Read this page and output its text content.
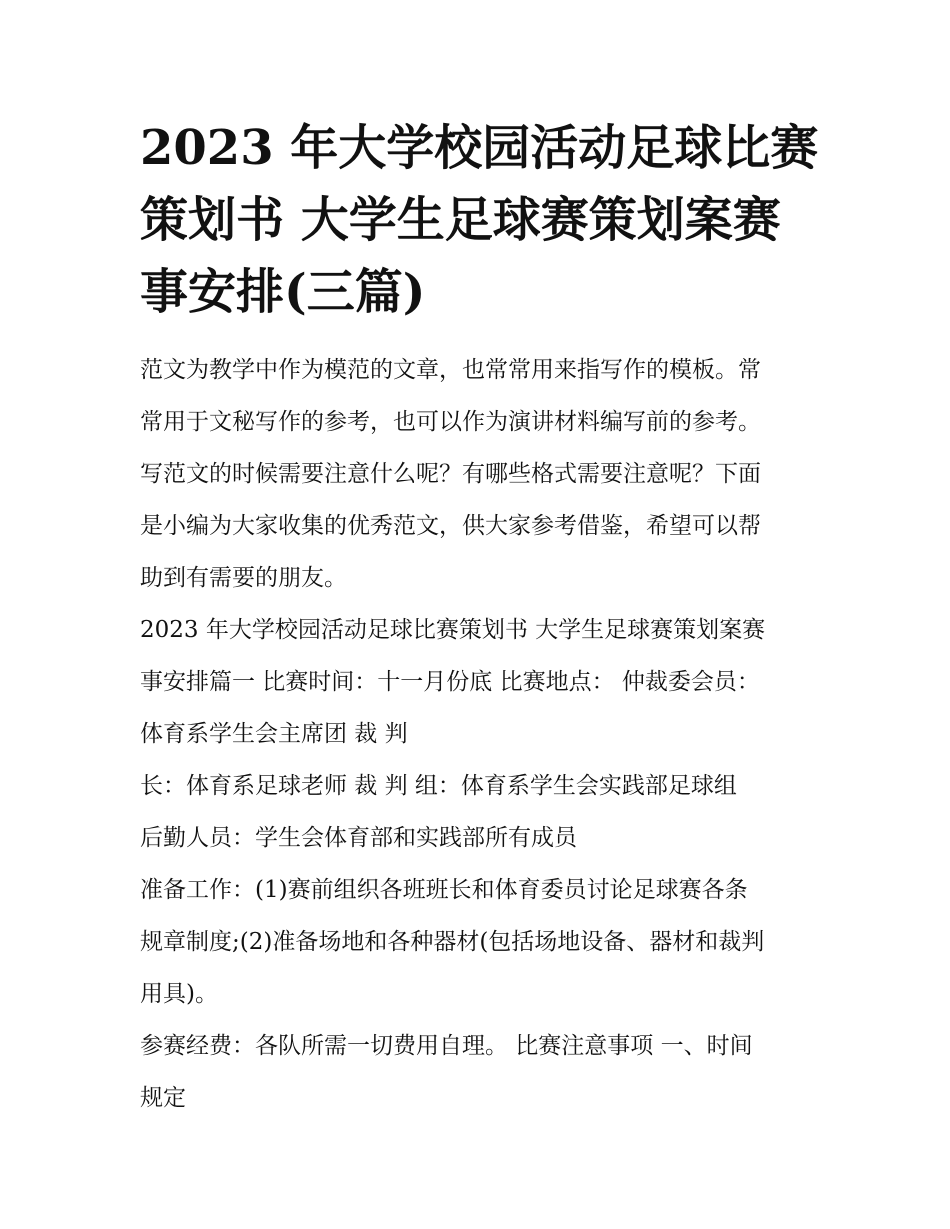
2023 年大学校园活动足球比赛
策划书 大学生足球赛策划案赛
事安排(三篇)
范文为教学中作为模范的文章，也常常用来指写作的模板。常
常用于文秘写作的参考，也可以作为演讲材料编写前的参考。
写范文的时候需要注意什么呢？有哪些格式需要注意呢？下面
是小编为大家收集的优秀范文，供大家参考借鉴，希望可以帮
助到有需要的朋友。
2023 年大学校园活动足球比赛策划书 大学生足球赛策划案赛
事安排篇一 比赛时间：十一月份底 比赛地点： 仲裁委会员：
体育系学生会主席团 裁 判
长：体育系足球老师 裁 判 组：体育系学生会实践部足球组
后勤人员：学生会体育部和实践部所有成员
准备工作：(1)赛前组织各班班长和体育委员讨论足球赛各条
规章制度;(2)准备场地和各种器材(包括场地设备、器材和裁判
用具)。
参赛经费：各队所需一切费用自理。 比赛注意事项 一、时间
规定
